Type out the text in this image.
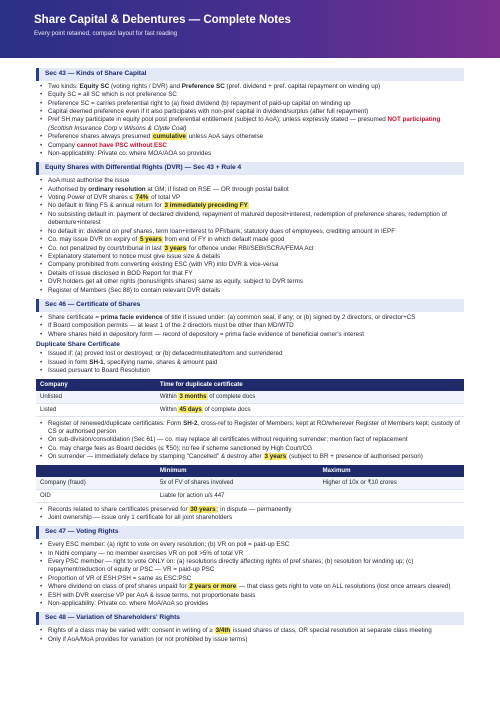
Share Capital & Debentures — Complete Notes
Every point retained, compact layout for fast reading
Sec 43 — Kinds of Share Capital
• Two kinds: Equity SC (voting rights / DVR) and Preference SC (pref. dividend + pref. capital repayment on winding up)
• Equity SC = all SC which is not preference SC
• Preference SC = carries preferential right to (a) fixed dividend (b) repayment of paid-up capital on winding up
• Capital deemed preference even if it also participates with non-pref capital in dividend/surplus (after full repayment)
• Pref SH may participate in equity pool post preferential entitlement (subject to AoA); unless expressly stated — presumed NOT participating (Scottish Insurance Corp v Wilsons & Clyde Coal)
• Preference shares always presumed cumulative unless AoA says otherwise
• Company cannot have PSC without ESC
• Non-applicability: Private co. where MOA/AOA so provides
Equity Shares with Differential Rights (DVR) — Sec 43 + Rule 4
• AoA must authorise the issue
• Authorised by ordinary resolution at GM; if listed on RSE — OR through postal ballot
• Voting Power of DVR shares ≤ 74% of total VP
• No default in filing FS & annual return for 3 immediately preceding FY
• No subsisting default in: payment of declared dividend, repayment of matured deposit+interest, redemption of preference shares, redemption of debenture+interest
• No default in: dividend on pref shares, term loan+interest to PFI/bank, statutory dues of employees, crediting amount in IEPF
• Co. may issue DVR on expiry of 5 years from end of FY in which default made good
• Co. not penalized by court/tribunal in last 3 years for offence under RBI/SEBI/SCRA/FEMA Act
• Explanatory statement to notice must give issue size & details
• Company prohibited from converting existing ESC (with VR) into DVR & vice-versa
• Details of issue disclosed in BOD Report for that FY
• DVR holders get all other rights (bonus/rights shares) same as equity, subject to DVR terms
• Register of Members (Sec 88) to contain relevant DVR details
Sec 46 — Certificate of Shares
• Share certificate = prima facie evidence of title if issued under: (a) common seal, if any; or (b) signed by 2 directors, or director+CS
• If Board composition permits — at least 1 of the 2 directors must be other than MD/WTD
• Where shares held in depository form — record of depository = prima facie evidence of beneficial owner's interest
Duplicate Share Certificate
• Issued if: (a) proved lost or destroyed; or (b) defaced/mutilated/torn and surrendered
• Issued in form SH-1, specifying name, shares & amount paid
• Issued pursuant to Board Resolution
Company	Time for duplicate certificate
Unlisted	Within 3 months of complete docs
Listed	Within 45 days of complete docs
• Register of renewed/duplicate certificates: Form SH-2, cross-ref to Register of Members; kept at RO/wherever Register of Members kept; custody of CS or authorised person
• On sub-division/consolidation (Sec 61) — co. may replace all certificates without requiring surrender; mention fact of replacement
• Co. may charge fees as Board decides (≤ ₹50); no fee if scheme sanctioned by High Court/CG
• On surrender — immediately deface by stamping "Cancelled" & destroy after 3 years (subject to BR + presence of authorised person)
	Minimum	Maximum
Company (fraud)	5x of FV of shares involved	Higher of 10x or ₹10 crores
OID	Liable for action u/s 447	
• Records related to share certificates preserved for 30 years; in dispute — permanently
• Joint ownership — issue only 1 certificate for all joint shareholders
Sec 47 — Voting Rights
• Every ESC member: (a) right to vote on every resolution; (b) VR on poll = paid-up ESC
• In Nidhi company — no member exercises VR on poll >5% of total VR
• Every PSC member — right to vote ONLY on: (a) resolutions directly affecting rights of pref shares; (b) resolution for winding up; (c) repayment/reduction of equity or PSC — VR = paid-up PSC
• Proportion of VR of ESH:PSH = same as ESC:PSC
• Where dividend on class of pref shares unpaid for 2 years or more — that class gets right to vote on ALL resolutions (lost once arrears cleared)
• ESH with DVR exercise VP per AoA & issue terms, not proportionate basis
• Non-applicability: Private co. where MoA/AoA so provides
Sec 48 — Variation of Shareholders' Rights
• Rights of a class may be varied with: consent in writing of ≥ 3/4th issued shares of class, OR special resolution at separate class meeting
• Only if AoA/MoA provides for variation (or not prohibited by issue terms)
